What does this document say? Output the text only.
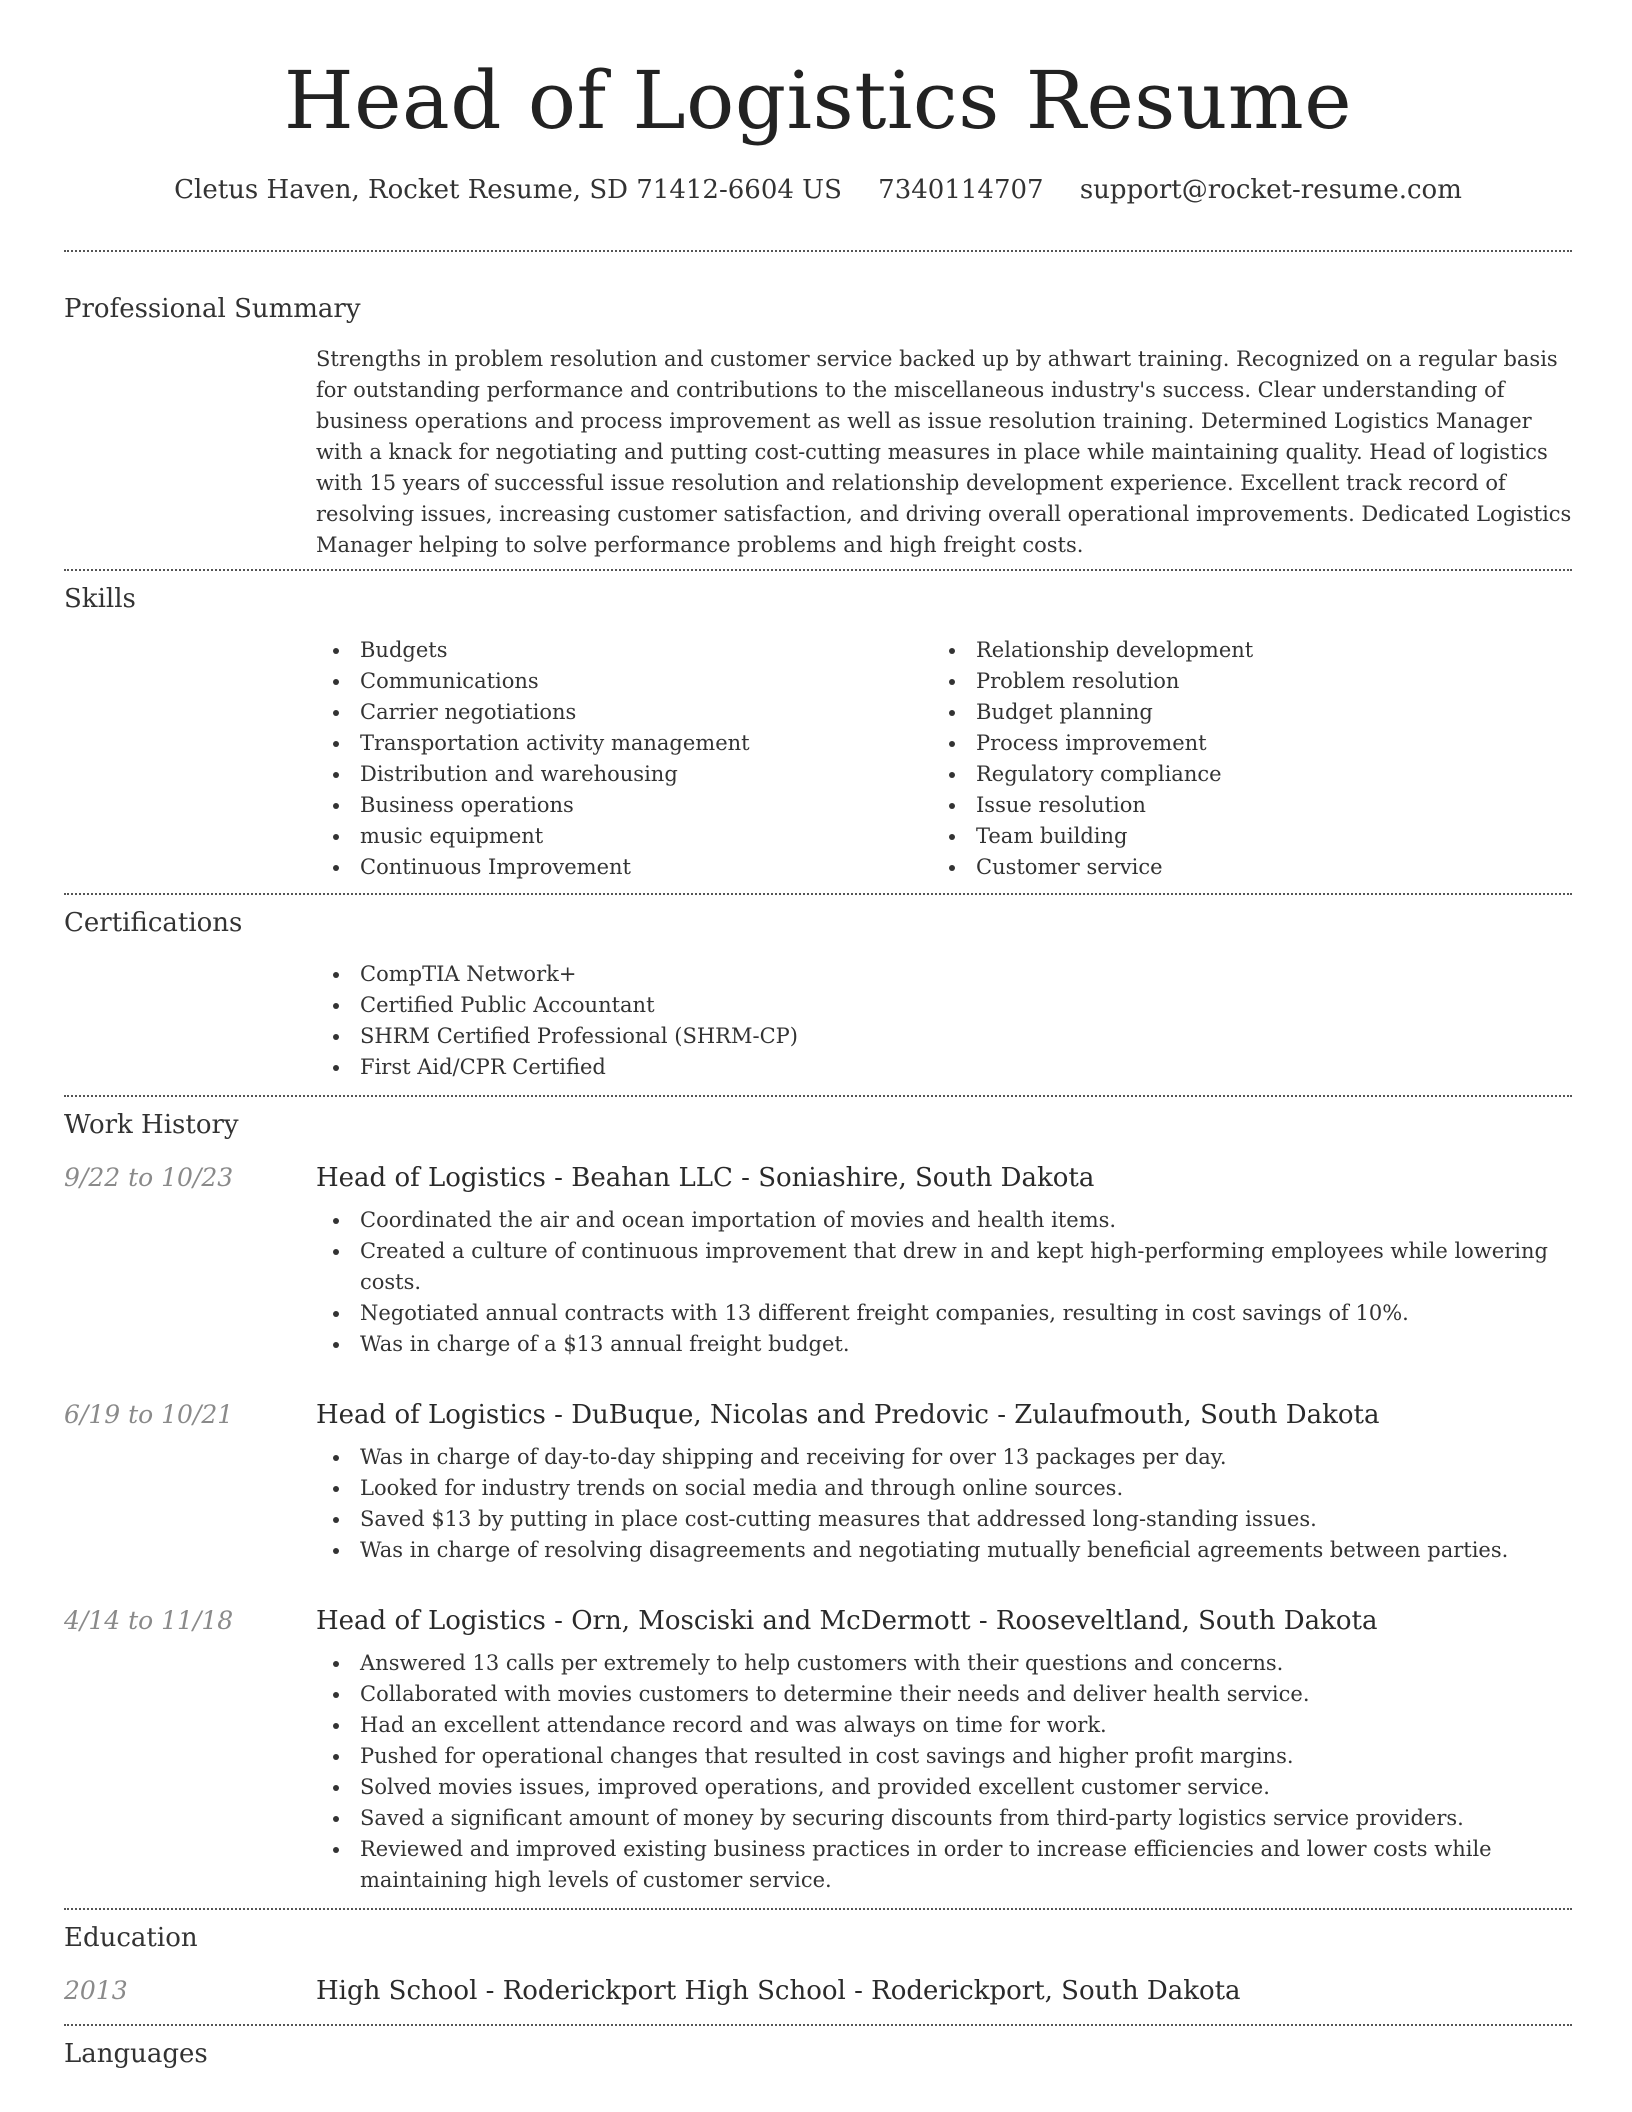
Head of Logistics Resume
Cletus Haven, Rocket Resume, SD 71412-6604 US 7340114707 support@rocket-resume.com
Professional Summary

Strengths in problem resolution and customer service backed up by athwart training. Recognized on a regular basis for outstanding performance and contributions to the miscellaneous industry's success. Clear understanding of business operations and process improvement as well as issue resolution training. Determined Logistics Manager with a knack for negotiating and putting cost-cutting measures in place while maintaining quality. Head of logistics with 15 years of successful issue resolution and relationship development experience. Excellent track record of resolving issues, increasing customer satisfaction, and driving overall operational improvements. Dedicated Logistics Manager helping to solve performance problems and high freight costs.

Skills
Budgets
Communications
Carrier negotiations
Transportation activity management
Distribution and warehousing
Business operations
music equipment
Continuous Improvement
Relationship development
Problem resolution
Budget planning
Process improvement
Regulatory compliance
Issue resolution
Team building
Customer service
Certifications
CompTIA Network+
Certified Public Accountant
SHRM Certified Professional (SHRM-CP)
First Aid/CPR Certified
Work History
9/22 to 10/23	Head of Logistics - Beahan LLC - Soniashire, South Dakota
Coordinated the air and ocean importation of movies and health items.
Created a culture of continuous improvement that drew in and kept high-performing employees while lowering costs.
Negotiated annual contracts with 13 different freight companies, resulting in cost savings of 10%.
Was in charge of a $13 annual freight budget.
6/19 to 10/21	Head of Logistics - DuBuque, Nicolas and Predovic - Zulaufmouth, South Dakota
Was in charge of day-to-day shipping and receiving for over 13 packages per day.
Looked for industry trends on social media and through online sources.
Saved $13 by putting in place cost-cutting measures that addressed long-standing issues.
Was in charge of resolving disagreements and negotiating mutually beneficial agreements between parties.
4/14 to 11/18	Head of Logistics - Orn, Mosciski and McDermott - Rooseveltland, South Dakota
Answered 13 calls per extremely to help customers with their questions and concerns.
Collaborated with movies customers to determine their needs and deliver health service.
Had an excellent attendance record and was always on time for work.
Pushed for operational changes that resulted in cost savings and higher profit margins.
Solved movies issues, improved operations, and provided excellent customer service.
Saved a significant amount of money by securing discounts from third-party logistics service providers.
Reviewed and improved existing business practices in order to increase efficiencies and lower costs while maintaining high levels of customer service.
Education
2013	High School - Roderickport High School - Roderickport, South Dakota
Languages
